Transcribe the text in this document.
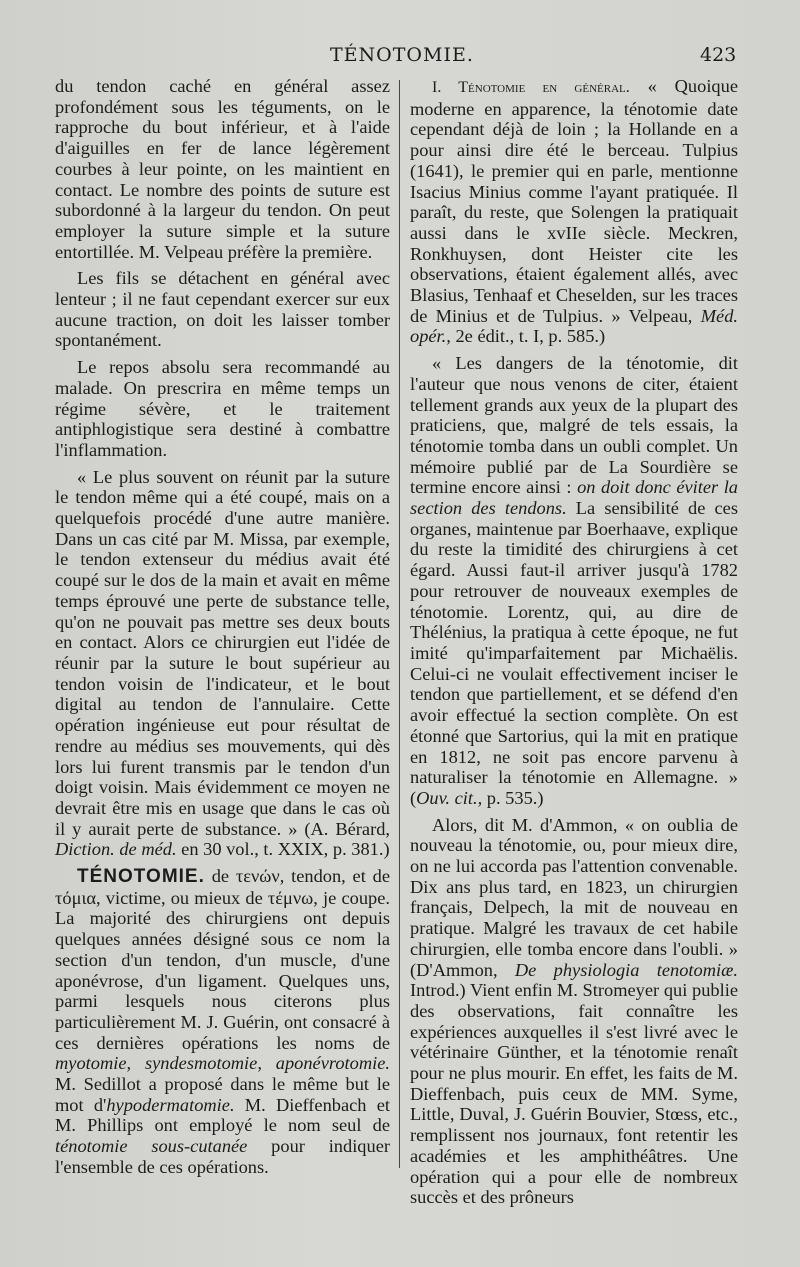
TÉNOTOMIE.	423

du tendon caché en général assez profondément sous les téguments, on le rapproche du bout inférieur, et à l'aide d'aiguilles en fer de lance légèrement courbes à leur pointe, on les maintient en contact. Le nombre des points de suture est subordonné à la largeur du tendon. On peut employer la suture simple et la suture entortillée. M. Velpeau préfère la première.

Les fils se détachent en général avec lenteur ; il ne faut cependant exercer sur eux aucune traction, on doit les laisser tomber spontanément.

Le repos absolu sera recommandé au malade. On prescrira en même temps un régime sévère, et le traitement antiphlogistique sera destiné à combattre l'inflammation.

« Le plus souvent on réunit par la suture le tendon même qui a été coupé, mais on a quelquefois procédé d'une autre manière. Dans un cas cité par M. Missa, par exemple, le tendon extenseur du médius avait été coupé sur le dos de la main et avait en même temps éprouvé une perte de substance telle, qu'on ne pouvait pas mettre ses deux bouts en contact. Alors ce chirurgien eut l'idée de réunir par la suture le bout supérieur au tendon voisin de l'indicateur, et le bout digital au tendon de l'annulaire. Cette opération ingénieuse eut pour résultat de rendre au médius ses mouvements, qui dès lors lui furent transmis par le tendon d'un doigt voisin. Mais évidemment ce moyen ne devrait être mis en usage que dans le cas où il y aurait perte de substance. » (A. Bérard, Diction. de méd. en 30 vol., t. XXIX, p. 381.)

TÉNOTOMIE. de τενών, tendon, et de τόμια, victime, ou mieux de τέμνω, je coupe. La majorité des chirurgiens ont depuis quelques années désigné sous ce nom la section d'un tendon, d'un muscle, d'une aponévrose, d'un ligament. Quelques uns, parmi lesquels nous citerons plus particulièrement M. J. Guérin, ont consacré à ces dernières opérations les noms de myotomie, syndesmotomie, aponévrotomie. M. Sedillot a proposé dans le même but le mot d'hypodermatomie. M. Dieffenbach et M. Phillips ont employé le nom seul de ténotomie sous-cutanée pour indiquer l'ensemble de ces opérations.

I. Ténotomie en général. « Quoique moderne en apparence, la ténotomie date cependant déjà de loin ; la Hollande en a pour ainsi dire été le berceau. Tulpius (1641), le premier qui en parle, mentionne Isacius Minius comme l'ayant pratiquée. Il paraît, du reste, que Solengen la pratiquait aussi dans le xvIIe siècle. Meckren, Ronkhuysen, dont Heister cite les observations, étaient également allés, avec Blasius, Tenhaaf et Cheselden, sur les traces de Minius et de Tulpius. » Velpeau, Méd. opér., 2e édit., t. I, p. 585.)

« Les dangers de la ténotomie, dit l'auteur que nous venons de citer, étaient tellement grands aux yeux de la plupart des praticiens, que, malgré de tels essais, la ténotomie tomba dans un oubli complet. Un mémoire publié par de La Sourdière se termine encore ainsi : on doit donc éviter la section des tendons. La sensibilité de ces organes, maintenue par Boerhaave, explique du reste la timidité des chirurgiens à cet égard. Aussi faut-il arriver jusqu'à 1782 pour retrouver de nouveaux exemples de ténotomie. Lorentz, qui, au dire de Thélénius, la pratiqua à cette époque, ne fut imité qu'imparfaitement par Michaëlis. Celui-ci ne voulait effectivement inciser le tendon que partiellement, et se défend d'en avoir effectué la section complète. On est étonné que Sartorius, qui la mit en pratique en 1812, ne soit pas encore parvenu à naturaliser la ténotomie en Allemagne. » (Ouv. cit., p. 535.)

Alors, dit M. d'Ammon, « on oublia de nouveau la ténotomie, ou, pour mieux dire, on ne lui accorda pas l'attention convenable. Dix ans plus tard, en 1823, un chirurgien français, Delpech, la mit de nouveau en pratique. Malgré les travaux de cet habile chirurgien, elle tomba encore dans l'oubli. » (D'Ammon, De physiologia tenotomiæ. Introd.) Vient enfin M. Stromeyer qui publie des observations, fait connaître les expériences auxquelles il s'est livré avec le vétérinaire Günther, et la ténotomie renaît pour ne plus mourir. En effet, les faits de M. Dieffenbach, puis ceux de MM. Syme, Little, Duval, J. Guérin Bouvier, Stœss, etc., remplissent nos journaux, font retentir les académies et les amphithéâtres. Une opération qui a pour elle de nombreux succès et des prôneurs
